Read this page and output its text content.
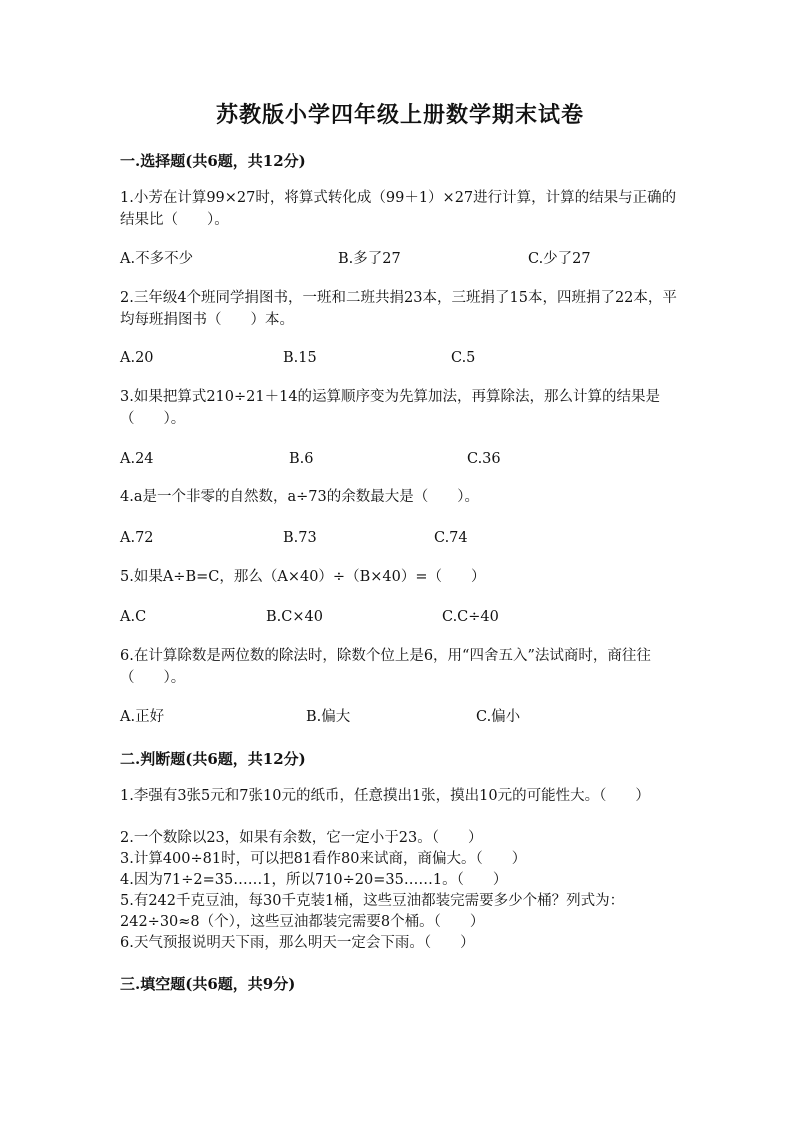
苏教版小学四年级上册数学期末试卷
一.选择题(共6题，共12分)
1.小芳在计算99×27时，将算式转化成（99＋1）×27进行计算，计算的结果与正确的结果比（　　）。
A.不多不少	B.多了27	C.少了27
2.三年级4个班同学捐图书，一班和二班共捐23本，三班捐了15本，四班捐了22本，平均每班捐图书（　　）本。
A.20	B.15	C.5
3.如果把算式210÷21＋14的运算顺序变为先算加法，再算除法，那么计算的结果是（　　）。
A.24	B.6	C.36
4.a是一个非零的自然数，a÷73的余数最大是（　　）。
A.72	B.73	C.74
5.如果A÷B=C，那么（A×40）÷（B×40）=（　　）
A.C	B.C×40	C.C÷40
6.在计算除数是两位数的除法时，除数个位上是6，用“四舍五入”法试商时，商往往（　　）。
A.正好	B.偏大	C.偏小
二.判断题(共6题，共12分)
1.李强有3张5元和7张10元的纸币，任意摸出1张，摸出10元的可能性大。（　　）
2.一个数除以23，如果有余数，它一定小于23。（　　）
3.计算400÷81时，可以把81看作80来试商，商偏大。（　　）
4.因为71÷2=35……1，所以710÷20=35……1。（　　）
5.有242千克豆油，每30千克装1桶，这些豆油都装完需要多少个桶？列式为：242÷30≈8（个），这些豆油都装完需要8个桶。（　　）
6.天气预报说明天下雨，那么明天一定会下雨。（　　）
三.填空题(共6题，共9分)
